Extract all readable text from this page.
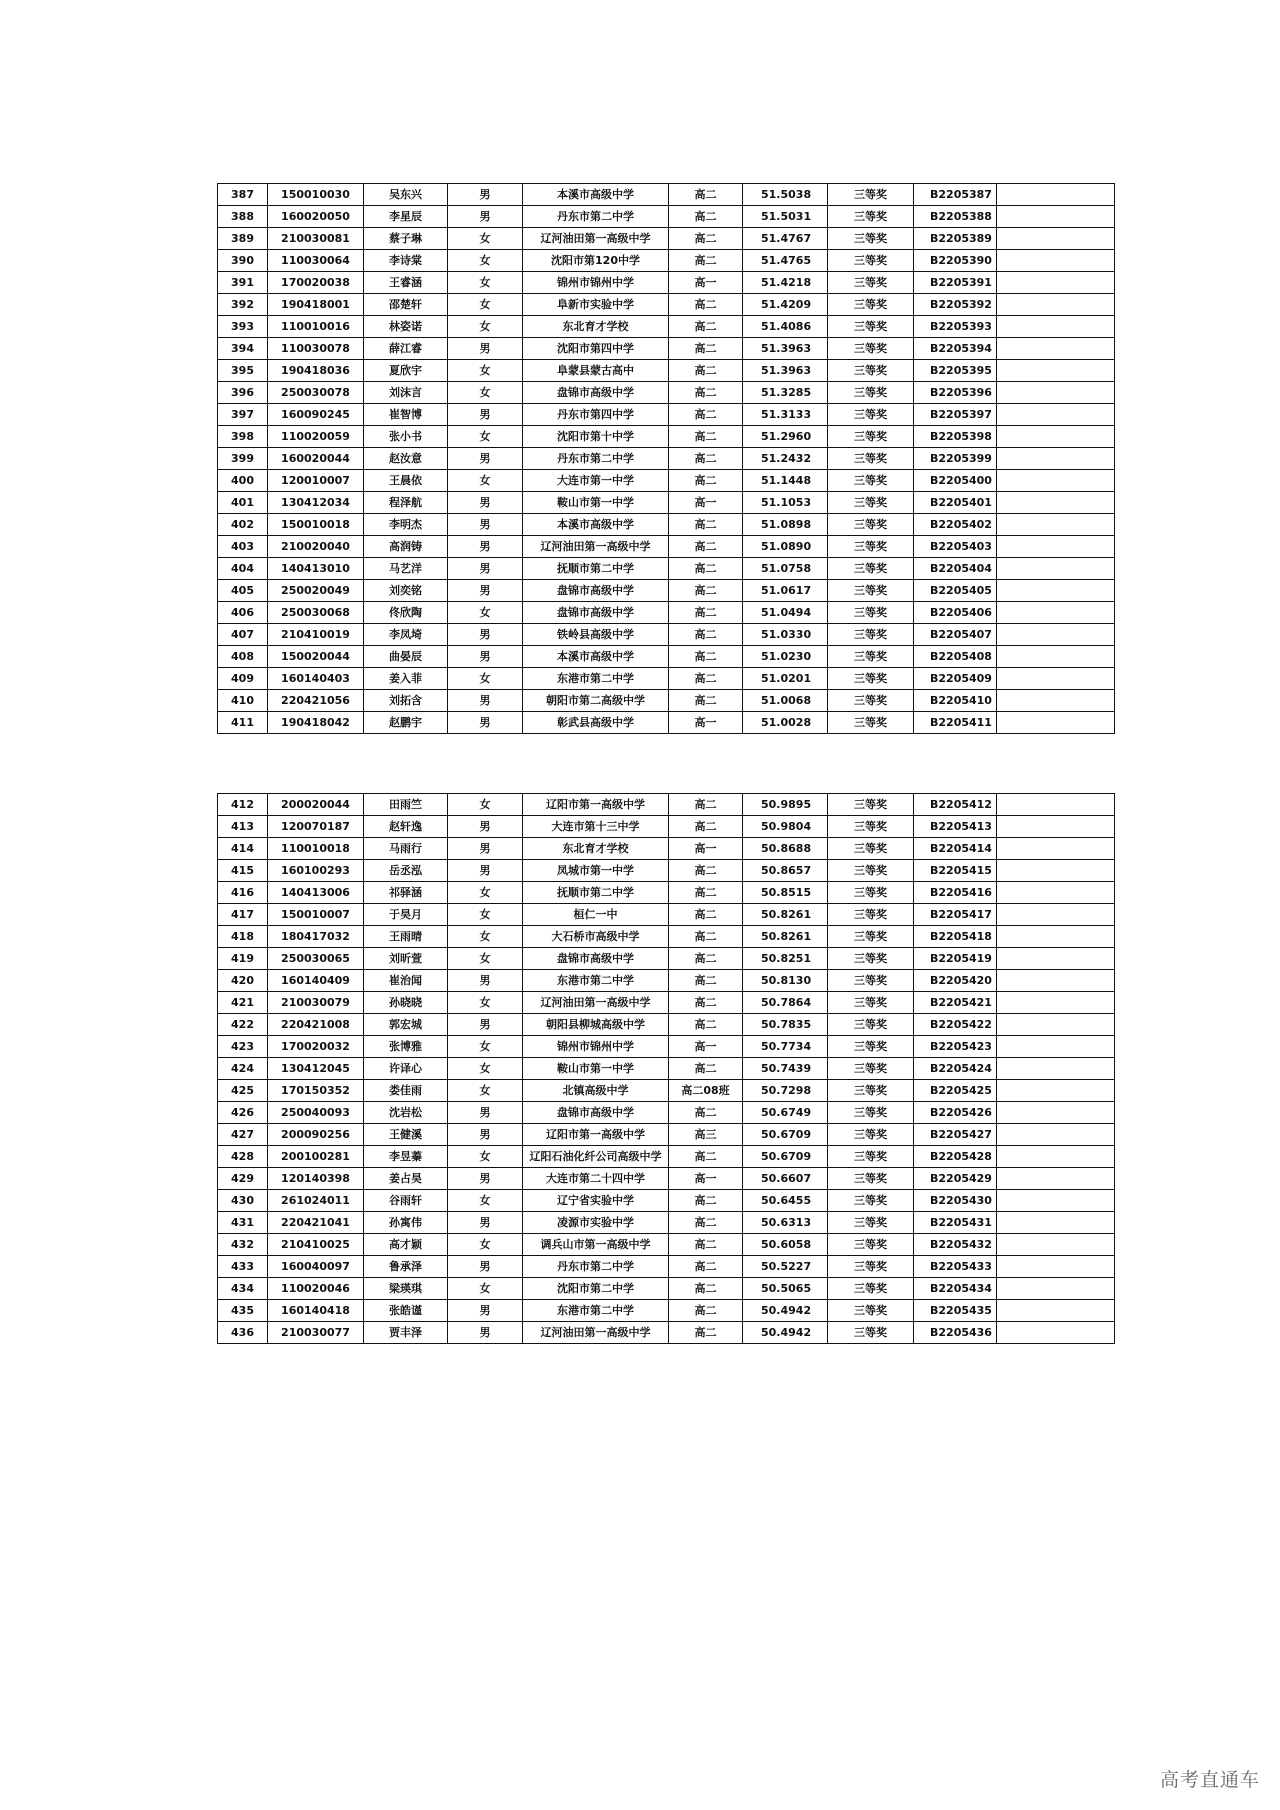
387	150010030	吴东兴	男	本溪市高级中学	高二	51.5038	三等奖	B2205387	
388	160020050	李星辰	男	丹东市第二中学	高二	51.5031	三等奖	B2205388	
389	210030081	蔡子琳	女	辽河油田第一高级中学	高二	51.4767	三等奖	B2205389	
390	110030064	李诗棠	女	沈阳市第120中学	高二	51.4765	三等奖	B2205390	
391	170020038	王睿涵	女	锦州市锦州中学	高一	51.4218	三等奖	B2205391	
392	190418001	邵楚轩	女	阜新市实验中学	高二	51.4209	三等奖	B2205392	
393	110010016	林姿诺	女	东北育才学校	高二	51.4086	三等奖	B2205393	
394	110030078	薛江睿	男	沈阳市第四中学	高二	51.3963	三等奖	B2205394	
395	190418036	夏欣宇	女	阜蒙县蒙古高中	高二	51.3963	三等奖	B2205395	
396	250030078	刘沫言	女	盘锦市高级中学	高二	51.3285	三等奖	B2205396	
397	160090245	崔智博	男	丹东市第四中学	高二	51.3133	三等奖	B2205397	
398	110020059	张小书	女	沈阳市第十中学	高二	51.2960	三等奖	B2205398	
399	160020044	赵汝意	男	丹东市第二中学	高二	51.2432	三等奖	B2205399	
400	120010007	王晨依	女	大连市第一中学	高二	51.1448	三等奖	B2205400	
401	130412034	程泽航	男	鞍山市第一中学	高一	51.1053	三等奖	B2205401	
402	150010018	李明杰	男	本溪市高级中学	高二	51.0898	三等奖	B2205402	
403	210020040	高润铸	男	辽河油田第一高级中学	高二	51.0890	三等奖	B2205403	
404	140413010	马艺洋	男	抚顺市第二中学	高二	51.0758	三等奖	B2205404	
405	250020049	刘奕铭	男	盘锦市高级中学	高二	51.0617	三等奖	B2205405	
406	250030068	佟欣陶	女	盘锦市高级中学	高二	51.0494	三等奖	B2205406	
407	210410019	李凤埼	男	铁岭县高级中学	高二	51.0330	三等奖	B2205407	
408	150020044	曲晏辰	男	本溪市高级中学	高二	51.0230	三等奖	B2205408	
409	160140403	姜入菲	女	东港市第二中学	高二	51.0201	三等奖	B2205409	
410	220421056	刘拓含	男	朝阳市第二高级中学	高二	51.0068	三等奖	B2205410	
411	190418042	赵鹏宇	男	彰武县高级中学	高一	51.0028	三等奖	B2205411	
412	200020044	田雨竺	女	辽阳市第一高级中学	高二	50.9895	三等奖	B2205412	
413	120070187	赵轩逸	男	大连市第十三中学	高二	50.9804	三等奖	B2205413	
414	110010018	马雨行	男	东北育才学校	高一	50.8688	三等奖	B2205414	
415	160100293	岳丞泓	男	凤城市第一中学	高二	50.8657	三等奖	B2205415	
416	140413006	祁驿涵	女	抚顺市第二中学	高二	50.8515	三等奖	B2205416	
417	150010007	于昊月	女	桓仁一中	高二	50.8261	三等奖	B2205417	
418	180417032	王雨晴	女	大石桥市高级中学	高二	50.8261	三等奖	B2205418	
419	250030065	刘昕萱	女	盘锦市高级中学	高二	50.8251	三等奖	B2205419	
420	160140409	崔治闻	男	东港市第二中学	高二	50.8130	三等奖	B2205420	
421	210030079	孙晓晓	女	辽河油田第一高级中学	高二	50.7864	三等奖	B2205421	
422	220421008	郭宏城	男	朝阳县柳城高级中学	高二	50.7835	三等奖	B2205422	
423	170020032	张博雅	女	锦州市锦州中学	高一	50.7734	三等奖	B2205423	
424	130412045	许译心	女	鞍山市第一中学	高二	50.7439	三等奖	B2205424	
425	170150352	娄佳雨	女	北镇高级中学	高二08班	50.7298	三等奖	B2205425	
426	250040093	沈岩松	男	盘锦市高级中学	高二	50.6749	三等奖	B2205426	
427	200090256	王健溪	男	辽阳市第一高级中学	高三	50.6709	三等奖	B2205427	
428	200100281	李昱蓁	女	辽阳石油化纤公司高级中学	高二	50.6709	三等奖	B2205428	
429	120140398	姜占昊	男	大连市第二十四中学	高一	50.6607	三等奖	B2205429	
430	261024011	谷雨轩	女	辽宁省实验中学	高二	50.6455	三等奖	B2205430	
431	220421041	孙寓伟	男	凌源市实验中学	高二	50.6313	三等奖	B2205431	
432	210410025	高才颖	女	调兵山市第一高级中学	高二	50.6058	三等奖	B2205432	
433	160040097	鲁承泽	男	丹东市第二中学	高二	50.5227	三等奖	B2205433	
434	110020046	梁瑛琪	女	沈阳市第二中学	高二	50.5065	三等奖	B2205434	
435	160140418	张皓谨	男	东港市第二中学	高二	50.4942	三等奖	B2205435	
436	210030077	贾丰泽	男	辽河油田第一高级中学	高二	50.4942	三等奖	B2205436	
高考直通车
